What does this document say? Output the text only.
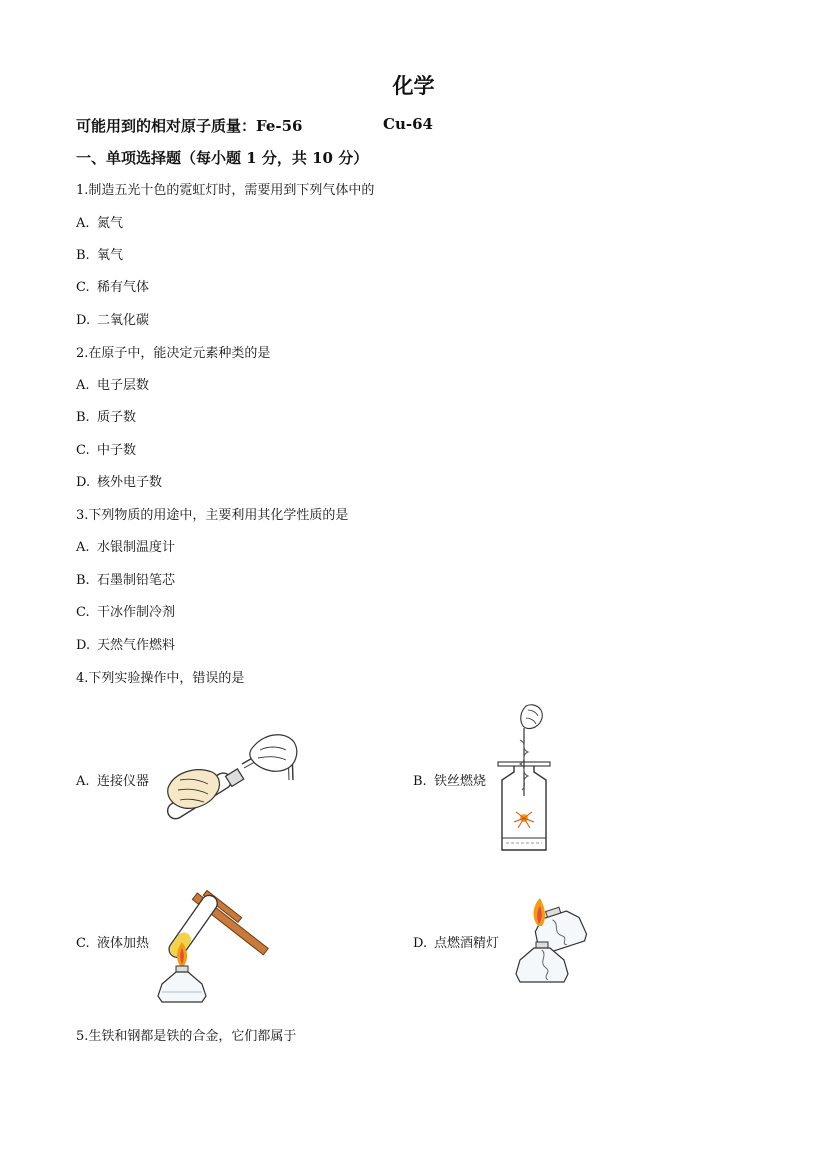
化学
可能用到的相对原子质量：Fe-56	Cu-64
一、单项选择题（每小题 1 分，共 10 分）
1.制造五光十色的霓虹灯时，需要用到下列气体中的
A. 氮气
B. 氧气
C. 稀有气体
D. 二氧化碳
2.在原子中，能决定元素种类的是
A. 电子层数
B. 质子数
C. 中子数
D. 核外电子数
3.下列物质的用途中，主要利用其化学性质的是
A. 水银制温度计
B. 石墨制铅笔芯
C. 干冰作制冷剂
D. 天然气作燃料
4.下列实验操作中，错误的是
A. 连接仪器	B. 铁丝燃烧
C. 液体加热	D. 点燃酒精灯
5.生铁和钢都是铁的合金，它们都属于
